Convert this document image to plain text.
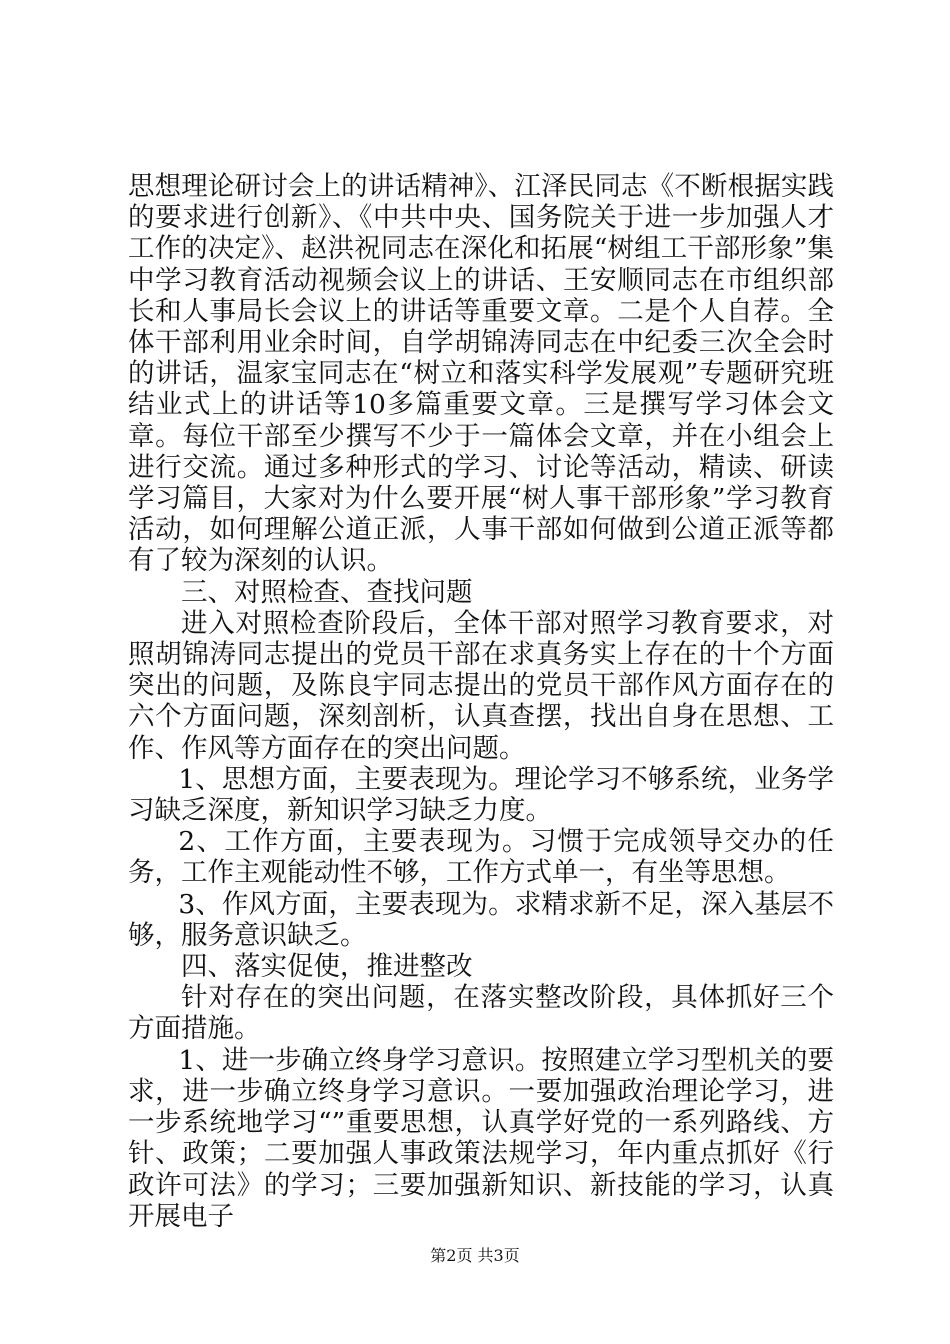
思想理论研讨会上的讲话精神》、江泽民同志《不断根据实践的要求进行创新》、《中共中央、国务院关于进一步加强人才工作的决定》、赵洪祝同志在深化和拓展“树组工干部形象”集中学习教育活动视频会议上的讲话、王安顺同志在市组织部长和人事局长会议上的讲话等重要文章。二是个人自荐。全体干部利用业余时间，自学胡锦涛同志在中纪委三次全会时的讲话，温家宝同志在“树立和落实科学发展观”专题研究班结业式上的讲话等10多篇重要文章。三是撰写学习体会文章。每位干部至少撰写不少于一篇体会文章，并在小组会上进行交流。通过多种形式的学习、讨论等活动，精读、研读学习篇目，大家对为什么要开展“树人事干部形象”学习教育活动，如何理解公道正派，人事干部如何做到公道正派等都有了较为深刻的认识。

三、对照检查、查找问题

进入对照检查阶段后，全体干部对照学习教育要求，对照胡锦涛同志提出的党员干部在求真务实上存在的十个方面突出的问题，及陈良宇同志提出的党员干部作风方面存在的六个方面问题，深刻剖析，认真查摆，找出自身在思想、工作、作风等方面存在的突出问题。

1、思想方面，主要表现为。理论学习不够系统，业务学习缺乏深度，新知识学习缺乏力度。

2、工作方面，主要表现为。习惯于完成领导交办的任务，工作主观能动性不够，工作方式单一，有坐等思想。

3、作风方面，主要表现为。求精求新不足，深入基层不够，服务意识缺乏。

四、落实促使，推进整改

针对存在的突出问题，在落实整改阶段，具体抓好三个方面措施。

1、进一步确立终身学习意识。按照建立学习型机关的要求，进一步确立终身学习意识。一要加强政治理论学习，进一步系统地学习“”重要思想，认真学好党的一系列路线、方针、政策；二要加强人事政策法规学习，年内重点抓好《行政许可法》的学习；三要加强新知识、新技能的学习，认真开展电子

第2页 共3页
